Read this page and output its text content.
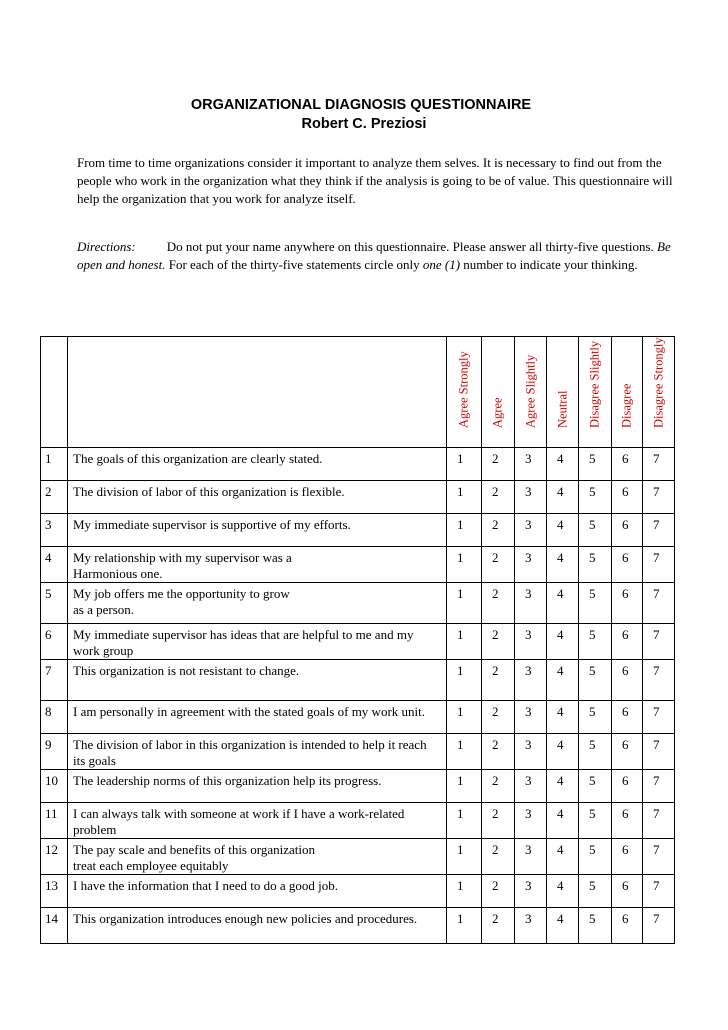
ORGANIZATIONAL DIAGNOSIS QUESTIONNAIRE
Robert C. Preziosi
From time to time organizations consider it important to analyze them selves. It is necessary to find out from the people who work in the organization what they think if the analysis is going to be of value. This questionnaire will help the organization that you work for analyze itself.
Directions: Do not put your name anywhere on this questionnaire. Please answer all thirty-five questions. Be open and honest. For each of the thirty-five statements circle only one (1) number to indicate your thinking.

		Agree Strongly	Agree	Agree Slightly	Neutral	Disagree Slightly	Disagree	Disagree Strongly

1	The goals of this organization are clearly stated.	1	2	3	4	5	6	7

2	The division of labor of this organization is flexible.	1	2	3	4	5	6	7

3	My immediate supervisor is supportive of my efforts.	1	2	3	4	5	6	7

4	My relationship with my supervisor was a
Harmonious one.	1	2	3	4	5	6	7

5	My job offers me the opportunity to grow
as a person.	1	2	3	4	5	6	7

6	My immediate supervisor has ideas that are helpful to me and my
work group	1	2	3	4	5	6	7

7	This organization is not resistant to change.	1	2	3	4	5	6	7

8	I am personally in agreement with the stated goals of my work unit.	1	2	3	4	5	6	7

9	The division of labor in this organization is intended to help it reach
its goals	1	2	3	4	5	6	7

10	The leadership norms of this organization help its progress.	1	2	3	4	5	6	7

11	I can always talk with someone at work if I have a work-related
problem	1	2	3	4	5	6	7

12	The pay scale and benefits of this organization
treat each employee equitably	1	2	3	4	5	6	7

13	I have the information that I need to do a good job.	1	2	3	4	5	6	7

14	This organization introduces enough new policies and procedures.	1	2	3	4	5	6	7
